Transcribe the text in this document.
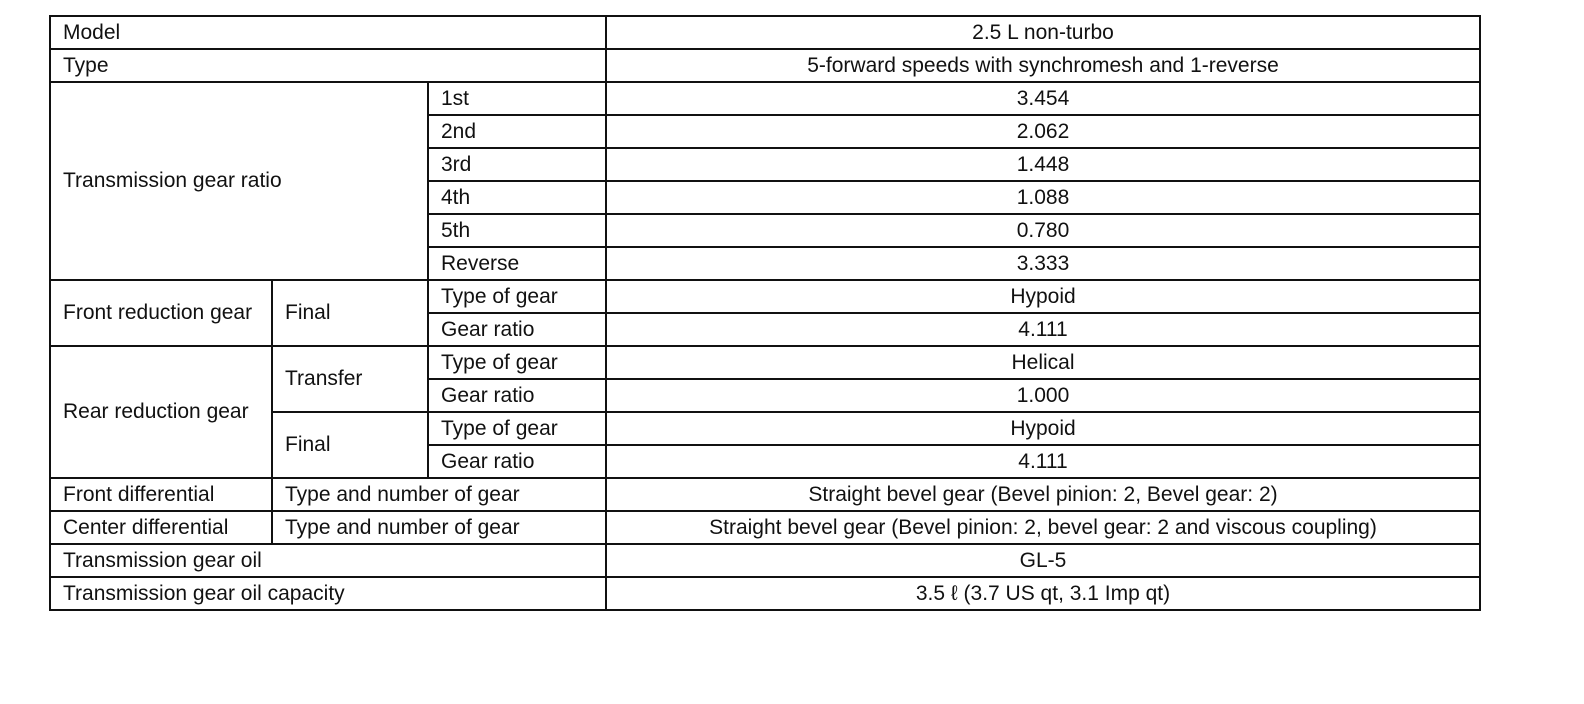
Model			2.5 L non-turbo
Type			5-forward speeds with synchromesh and 1-reverse
Transmission gear ratio		1st	3.454
		2nd	2.062
		3rd	1.448
		4th	1.088
		5th	0.780
		Reverse	3.333
Front reduction gear	Final	Type of gear	Hypoid
		Gear ratio	4.111
Rear reduction gear	Transfer	Type of gear	Helical
		Gear ratio	1.000
	Final	Type of gear	Hypoid
		Gear ratio	4.111
Front differential	Type and number of gear		Straight bevel gear (Bevel pinion: 2, Bevel gear: 2)
Center differential	Type and number of gear		Straight bevel gear (Bevel pinion: 2, bevel gear: 2 and viscous coupling)
Transmission gear oil			GL-5
Transmission gear oil capacity			3.5 ℓ (3.7 US qt, 3.1 Imp qt)
